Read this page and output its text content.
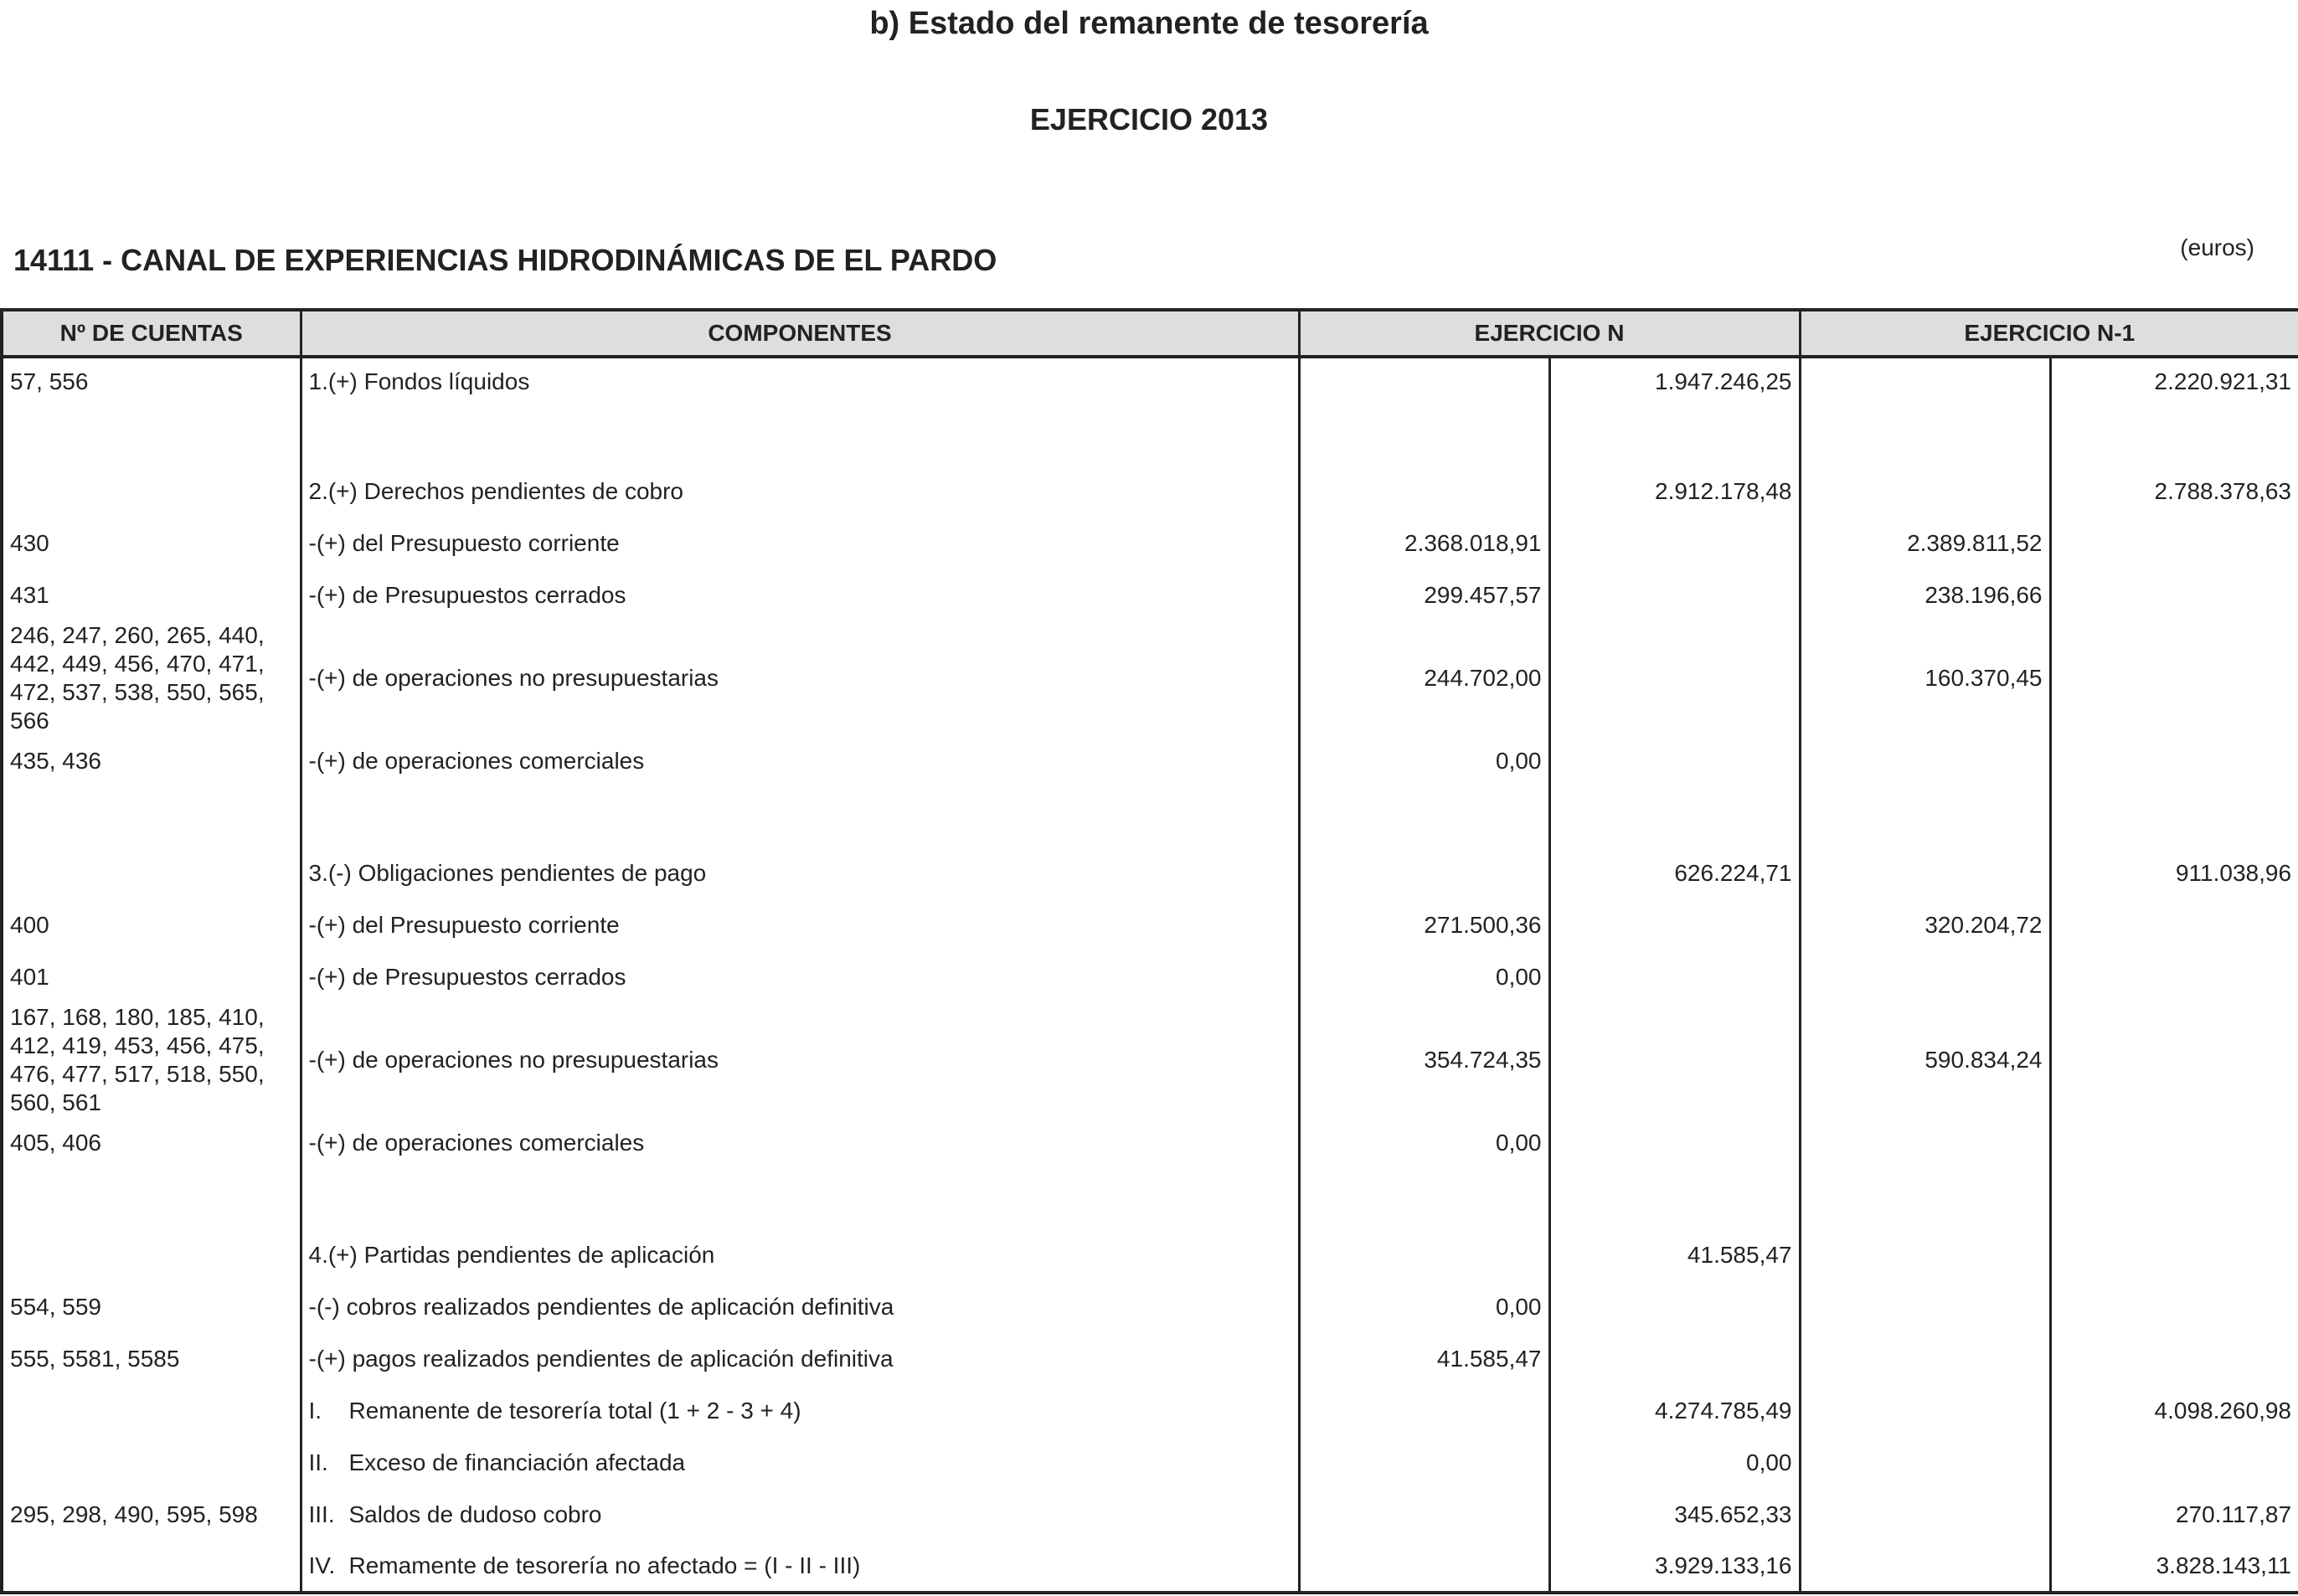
b) Estado del remanente de tesorería
EJERCICIO 2013
14111 - CANAL DE EXPERIENCIAS HIDRODINÁMICAS DE EL PARDO	(euros)
Nº DE CUENTAS	COMPONENTES	EJERCICIO N		EJERCICIO N-1	
57, 556	1.(+) Fondos líquidos		1.947.246,25		2.220.921,31

	2.(+) Derechos pendientes de cobro		2.912.178,48		2.788.378,63
430	-(+) del Presupuesto corriente	2.368.018,91		2.389.811,52	
431	-(+) de Presupuestos cerrados	299.457,57		238.196,66	
246, 247, 260, 265, 440, 442, 449, 456, 470, 471, 472, 537, 538, 550, 565, 566	-(+) de operaciones no presupuestarias	244.702,00		160.370,45	
435, 436	-(+) de operaciones comerciales	0,00			

	3.(-) Obligaciones pendientes de pago		626.224,71		911.038,96
400	-(+) del Presupuesto corriente	271.500,36		320.204,72	
401	-(+) de Presupuestos cerrados	0,00			
167, 168, 180, 185, 410, 412, 419, 453, 456, 475, 476, 477, 517, 518, 550, 560, 561	-(+) de operaciones no presupuestarias	354.724,35		590.834,24	
405, 406	-(+) de operaciones comerciales	0,00			

	4.(+) Partidas pendientes de aplicación		41.585,47		
554, 559	-(-) cobros realizados pendientes de aplicación definitiva	0,00			
555, 5581, 5585	-(+) pagos realizados pendientes de aplicación definitiva	41.585,47			
	I. Remanente de tesorería total (1 + 2 - 3 + 4)		4.274.785,49		4.098.260,98
	II. Exceso de financiación afectada		0,00		
295, 298, 490, 595, 598	III. Saldos de dudoso cobro		345.652,33		270.117,87
	IV. Remamente de tesorería no afectado = (I - II - III)		3.929.133,16		3.828.143,11
